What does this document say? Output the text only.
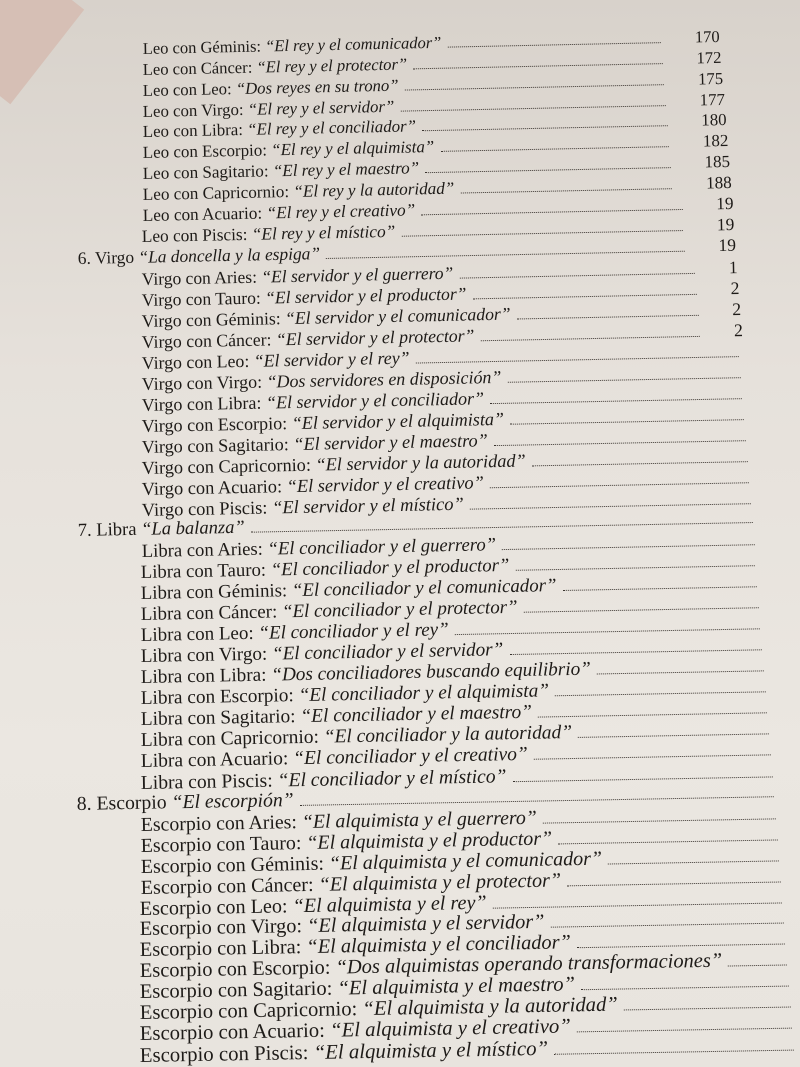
Leo con Géminis: “El rey y el comunicador”	170
Leo con Cáncer: “El rey y el protector”	172
Leo con Leo: “Dos reyes en su trono”	175
Leo con Virgo: “El rey y el servidor”	177
Leo con Libra: “El rey y el conciliador”	180
Leo con Escorpio: “El rey y el alquimista”	182
Leo con Sagitario: “El rey y el maestro”	185
Leo con Capricornio: “El rey y la autoridad”	188
Leo con Acuario: “El rey y el creativo”	19
Leo con Piscis: “El rey y el místico”	19
6. Virgo “La doncella y la espiga”	19
Virgo con Aries: “El servidor y el guerrero”	1
Virgo con Tauro: “El servidor y el productor”	2
Virgo con Géminis: “El servidor y el comunicador”	2
Virgo con Cáncer: “El servidor y el protector”	2
Virgo con Leo: “El servidor y el rey”
Virgo con Virgo: “Dos servidores en disposición”
Virgo con Libra: “El servidor y el conciliador”
Virgo con Escorpio: “El servidor y el alquimista”
Virgo con Sagitario: “El servidor y el maestro”
Virgo con Capricornio: “El servidor y la autoridad”
Virgo con Acuario: “El servidor y el creativo”
Virgo con Piscis: “El servidor y el místico”
7. Libra “La balanza”
Libra con Aries: “El conciliador y el guerrero”
Libra con Tauro: “El conciliador y el productor”
Libra con Géminis: “El conciliador y el comunicador”
Libra con Cáncer: “El conciliador y el protector”
Libra con Leo: “El conciliador y el rey”
Libra con Virgo: “El conciliador y el servidor”
Libra con Libra: “Dos conciliadores buscando equilibrio”
Libra con Escorpio: “El conciliador y el alquimista”
Libra con Sagitario: “El conciliador y el maestro”
Libra con Capricornio: “El conciliador y la autoridad”
Libra con Acuario: “El conciliador y el creativo”
Libra con Piscis: “El conciliador y el místico”
8. Escorpio “El escorpión”
Escorpio con Aries: “El alquimista y el guerrero”
Escorpio con Tauro: “El alquimista y el productor”
Escorpio con Géminis: “El alquimista y el comunicador”
Escorpio con Cáncer: “El alquimista y el protector”
Escorpio con Leo: “El alquimista y el rey”
Escorpio con Virgo: “El alquimista y el servidor”
Escorpio con Libra: “El alquimista y el conciliador”
Escorpio con Escorpio: “Dos alquimistas operando transformaciones”
Escorpio con Sagitario: “El alquimista y el maestro”
Escorpio con Capricornio: “El alquimista y la autoridad”
Escorpio con Acuario: “El alquimista y el creativo”
Escorpio con Piscis: “El alquimista y el místico”
